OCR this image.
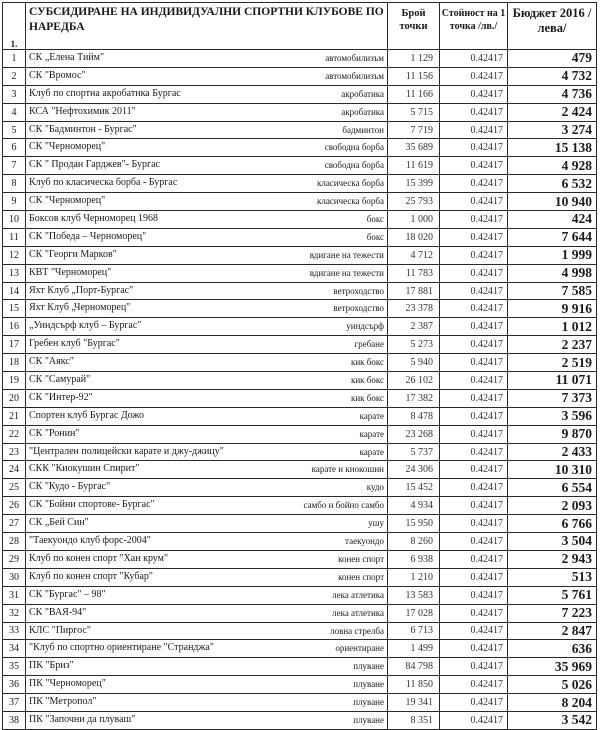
1.	СУБСИДИРАНЕ НА ИНДИВИДУАЛНИ СПОРТНИ КЛУБОВЕ ПО НАРЕДБА	Брой точки	Стойност на 1 точка /лв./	Бюджет 2016 /лева/
1	СК „Елена Тийм" автомобилизъм	1 129	0.42417	479
2	СК "Вромос" автомобилизъм	11 156	0.42417	4 732
3	Клуб по спортна акробатика Бургас акробатика	11 166	0.42417	4 736
4	КСА "Нефтохимик 2011" акробатика	5 715	0.42417	2 424
5	СК "Бадминтон - Бургас" бадминтон	7 719	0.42417	3 274
6	СК "Черноморец" свободна борба	35 689	0.42417	15 138
7	СК " Продан Гарджев"- Бургас свободна борба	11 619	0.42417	4 928
8	Клуб по класическа борба - Бургас класическа борба	15 399	0.42417	6 532
9	СК "Черноморец" класическа борба	25 793	0.42417	10 940
10	Боксов клуб Черноморец 1968 бокс	1 000	0.42417	424
11	СК "Победа – Черноморец" бокс	18 020	0.42417	7 644
12	СК "Георги Марков" вдигане на тежести	4 712	0.42417	1 999
13	КВТ "Черноморец" вдигане на тежести	11 783	0.42417	4 998
14	Яхт Клуб „Порт-Бургас" ветроходство	17 881	0.42417	7 585
15	Яхт Клуб „Черноморец" ветроходство	23 378	0.42417	9 916
16	„Уиндсърф клуб – Бургас" уиндсърф	2 387	0.42417	1 012
17	Гребен клуб "Бургас" гребане	5 273	0.42417	2 237
18	СК "Аякс" кик бокс	5 940	0.42417	2 519
19	СК "Самурай" кик бокс	26 102	0.42417	11 071
20	СК "Интер-92" кик бокс	17 382	0.42417	7 373
21	Спортен клуб Бургас Дожо карате	8 478	0.42417	3 596
22	СК "Ронин" карате	23 268	0.42417	9 870
23	"Централен полицейски карате и джу-джицу" карате	5 737	0.42417	2 433
24	СКК "Киокушин Спирит" карате и кнокошин	24 306	0.42417	10 310
25	СК "Кудо - Бургас" кудо	15 452	0.42417	6 554
26	СК "Бойни спортове- Бургас" самбо и бойно самбо	4 934	0.42417	2 093
27	СК „Бей Син" ушу	15 950	0.42417	6 766
28	"Таекуондо клуб форс-2004" таекуондо	8 260	0.42417	3 504
29	Клуб по конен спорт "Хан крум" конен спорт	6 938	0.42417	2 943
30	Клуб по конен спорт "Кубар" конен спорт	1 210	0.42417	513
31	СК "Бургас" – 98" лека атлетика	13 583	0.42417	5 761
32	СК "ВАЯ-94" лека атлетика	17 028	0.42417	7 223
33	КЛС "Пиргос" ловна стрелба	6 713	0.42417	2 847
34	"Клуб по спортно ориентиране "Странджа" ориентиране	1 499	0.42417	636
35	ПК "Бриз" плуване	84 798	0.42417	35 969
36	ПК "Черноморец" плуване	11 850	0.42417	5 026
37	ПК "Метропол" плуване	19 341	0.42417	8 204
38	ПК "Започни да плуваш" плуване	8 351	0.42417	3 542
